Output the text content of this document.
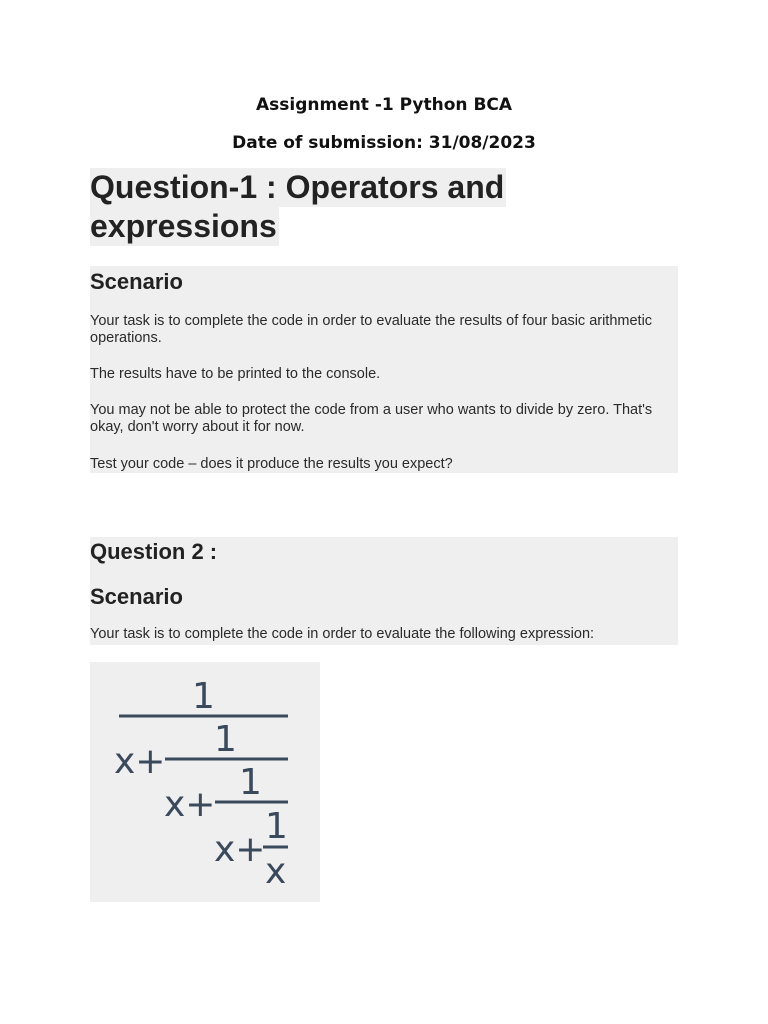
Assignment -1 Python BCA
Date of submission: 31/08/2023
Question-1 : Operators and
expressions
Scenario
Your task is to complete the code in order to evaluate the results of four basic arithmetic operations.
The results have to be printed to the console.
You may not be able to protect the code from a user who wants to divide by zero. That's okay, don't worry about it for now.
Test your code – does it produce the results you expect?
Question 2 :
Scenario
Your task is to complete the code in order to evaluate the following expression:
1
x+
1
x+
1
x+
1
x
